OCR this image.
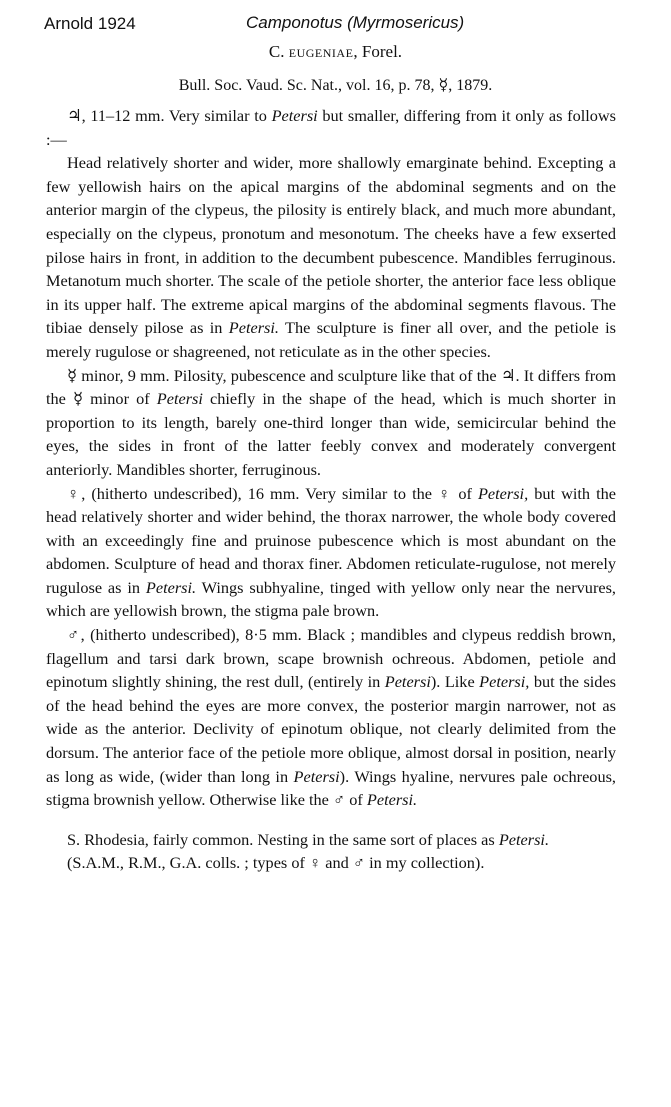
Arnold 1924	Camponotus (Myrmosericus)
C. eugeniae, Forel.
Bull. Soc. Vaud. Sc. Nat., vol. 16, p. 78, ☿, 1879.

♃, 11–12 mm. Very similar to Petersi but smaller, differing from it only as follows :—

Head relatively shorter and wider, more shallowly emarginate behind. Excepting a few yellowish hairs on the apical margins of the abdominal segments and on the anterior margin of the clypeus, the pilosity is entirely black, and much more abundant, especially on the clypeus, pronotum and mesonotum. The cheeks have a few exserted pilose hairs in front, in addition to the decumbent pubescence. Mandibles ferruginous. Metanotum much shorter. The scale of the petiole shorter, the anterior face less oblique in its upper half. The extreme apical margins of the abdominal segments flavous. The tibiae densely pilose as in Petersi. The sculpture is finer all over, and the petiole is merely rugulose or shagreened, not reticulate as in the other species.

☿ minor, 9 mm. Pilosity, pubescence and sculpture like that of the ♃. It differs from the ☿ minor of Petersi chiefly in the shape of the head, which is much shorter in proportion to its length, barely one-third longer than wide, semicircular behind the eyes, the sides in front of the latter feebly convex and moderately convergent anteriorly. Mandibles shorter, ferruginous.

♀, (hitherto undescribed), 16 mm. Very similar to the ♀ of Petersi, but with the head relatively shorter and wider behind, the thorax narrower, the whole body covered with an exceedingly fine and pruinose pubescence which is most abundant on the abdomen. Sculpture of head and thorax finer. Abdomen reticulate-rugulose, not merely rugulose as in Petersi. Wings subhyaline, tinged with yellow only near the nervures, which are yellowish brown, the stigma pale brown.

♂, (hitherto undescribed), 8·5 mm. Black ; mandibles and clypeus reddish brown, flagellum and tarsi dark brown, scape brownish ochreous. Abdomen, petiole and epinotum slightly shining, the rest dull, (entirely in Petersi). Like Petersi, but the sides of the head behind the eyes are more convex, the posterior margin narrower, not as wide as the anterior. Declivity of epinotum oblique, not clearly delimited from the dorsum. The anterior face of the petiole more oblique, almost dorsal in position, nearly as long as wide, (wider than long in Petersi). Wings hyaline, nervures pale ochreous, stigma brownish yellow. Otherwise like the ♂ of Petersi.

S. Rhodesia, fairly common. Nesting in the same sort of places as Petersi.

(S.A.M., R.M., G.A. colls. ; types of ♀ and ♂ in my collection).
